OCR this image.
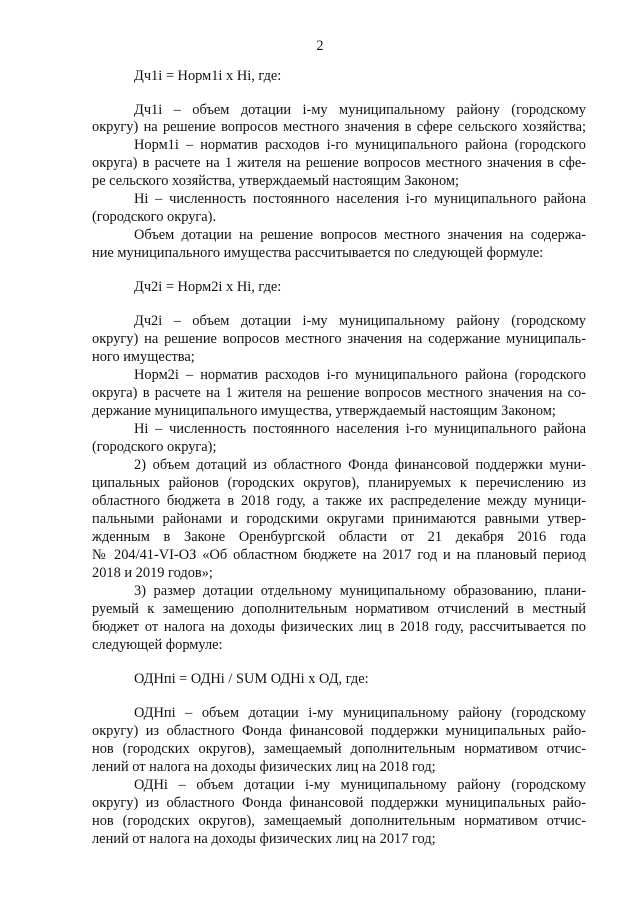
2
Дч1i = Норм1i х Нi, где:
Дч1i – объем дотации i-му муниципальному району (городскому
округу) на решение вопросов местного значения в сфере сельского хозяйства;
Норм1i – норматив расходов i-го муниципального района (городского
округа) в расчете на 1 жителя на решение вопросов местного значения в сфе-
ре сельского хозяйства, утверждаемый настоящим Законом;
Нi – численность постоянного населения i-го муниципального района
(городского округа).
Объем дотации на решение вопросов местного значения на содержа-
ние муниципального имущества рассчитывается по следующей формуле:
Дч2i = Норм2i х Нi, где:
Дч2i – объем дотации i-му муниципальному району (городскому
округу) на решение вопросов местного значения на содержание муниципаль-
ного имущества;
Норм2i – норматив расходов i-го муниципального района (городского
округа) в расчете на 1 жителя на решение вопросов местного значения на со-
держание муниципального имущества, утверждаемый настоящим Законом;
Нi – численность постоянного населения i-го муниципального района
(городского округа);
2) объем дотаций из областного Фонда финансовой поддержки муни-
ципальных районов (городских округов), планируемых к перечислению из
областного бюджета в 2018 году, а также их распределение между муници-
пальными районами и городскими округами принимаются равными утвер-
жденным в Законе Оренбургской области от 21 декабря 2016 года
№ 204/41-VI-ОЗ «Об областном бюджете на 2017 год и на плановый период
2018 и 2019 годов»;
3) размер дотации отдельному муниципальному образованию, плани-
руемый к замещению дополнительным нормативом отчислений в местный
бюджет от налога на доходы физических лиц в 2018 году, рассчитывается по
следующей формуле:
ОДНпi = ОДНi / SUM ОДНi х ОД, где:
ОДНпi – объем дотации i-му муниципальному району (городскому
округу) из областного Фонда финансовой поддержки муниципальных райо-
нов (городских округов), замещаемый дополнительным нормативом отчис-
лений от налога на доходы физических лиц на 2018 год;
ОДНi – объем дотации i-му муниципальному району (городскому
округу) из областного Фонда финансовой поддержки муниципальных райо-
нов (городских округов), замещаемый дополнительным нормативом отчис-
лений от налога на доходы физических лиц на 2017 год;
